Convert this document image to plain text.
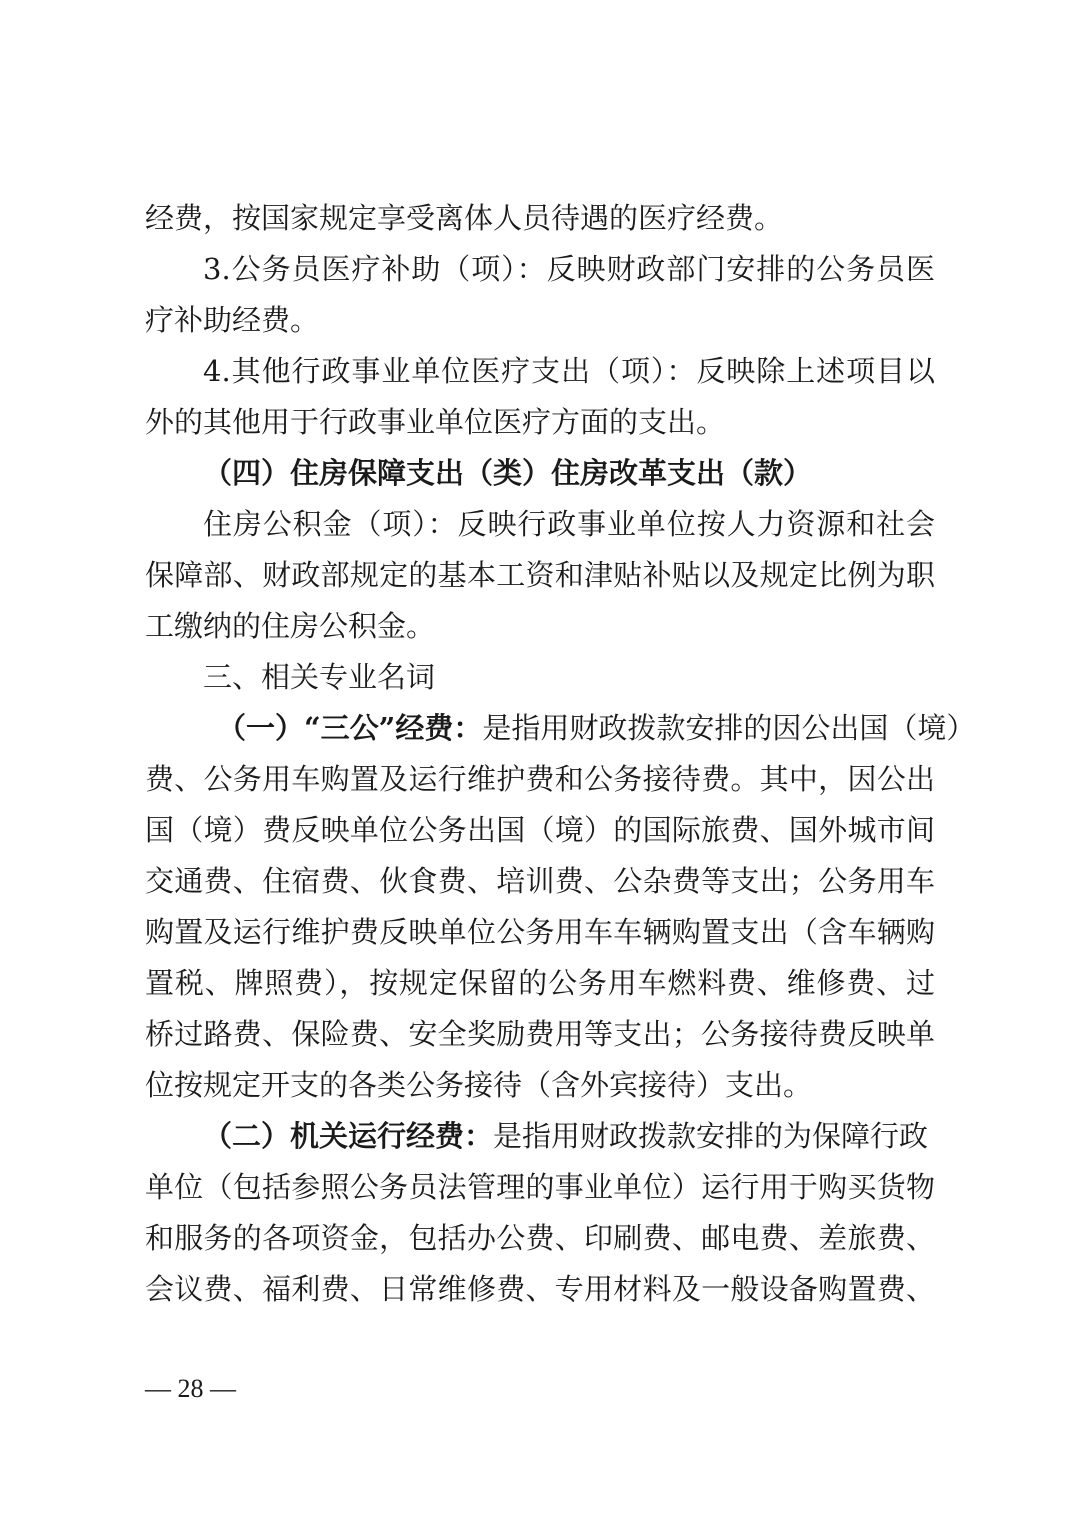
经费，按国家规定享受离体人员待遇的医疗经费。
3.公务员医疗补助（项）：反映财政部门安排的公务员医
疗补助经费。
4.其他行政事业单位医疗支出（项）：反映除上述项目以
外的其他用于行政事业单位医疗方面的支出。
（四）住房保障支出（类）住房改革支出（款）
住房公积金（项）：反映行政事业单位按人力资源和社会
保障部、财政部规定的基本工资和津贴补贴以及规定比例为职
工缴纳的住房公积金。
三、相关专业名词
（一）“三公”经费：是指用财政拨款安排的因公出国（境）
费、公务用车购置及运行维护费和公务接待费。其中，因公出
国（境）费反映单位公务出国（境）的国际旅费、国外城市间
交通费、住宿费、伙食费、培训费、公杂费等支出；公务用车
购置及运行维护费反映单位公务用车车辆购置支出（含车辆购
置税、牌照费），按规定保留的公务用车燃料费、维修费、过
桥过路费、保险费、安全奖励费用等支出；公务接待费反映单
位按规定开支的各类公务接待（含外宾接待）支出。
（二）机关运行经费：是指用财政拨款安排的为保障行政
单位（包括参照公务员法管理的事业单位）运行用于购买货物
和服务的各项资金，包括办公费、印刷费、邮电费、差旅费、
会议费、福利费、日常维修费、专用材料及一般设备购置费、
— 28 —
